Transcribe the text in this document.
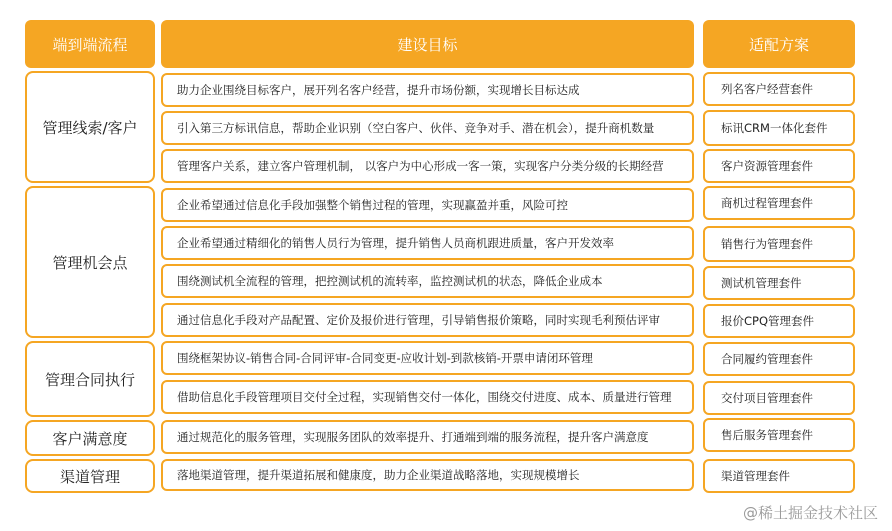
端到端流程	建设目标	适配方案
管理线索/客户
管理机会点
管理合同执行
客户满意度
渠道管理
助力企业围绕目标客户，展开列名客户经营，提升市场份额，实现增长目标达成
引入第三方标讯信息，帮助企业识别（空白客户、伙伴、竞争对手、潜在机会），提升商机数量
管理客户关系，建立客户管理机制， 以客户为中心形成一客一策，实现客户分类分级的长期经营
企业希望通过信息化手段加强整个销售过程的管理，实现赢盈并重，风险可控
企业希望通过精细化的销售人员行为管理，提升销售人员商机跟进质量，客户开发效率
围绕测试机全流程的管理，把控测试机的流转率，监控测试机的状态，降低企业成本
通过信息化手段对产品配置、定价及报价进行管理，引导销售报价策略，同时实现毛利预估评审
围绕框架协议-销售合同-合同评审-合同变更-应收计划-到款核销-开票申请闭环管理
借助信息化手段管理项目交付全过程，实现销售交付一体化，围绕交付进度、成本、质量进行管理
通过规范化的服务管理，实现服务团队的效率提升、打通端到端的服务流程，提升客户满意度
落地渠道管理，提升渠道拓展和健康度，助力企业渠道战略落地，实现规模增长
列名客户经营套件
标讯CRM一体化套件
客户资源管理套件
商机过程管理套件
销售行为管理套件
测试机管理套件
报价CPQ管理套件
合同履约管理套件
交付项目管理套件
售后服务管理套件
渠道管理套件
@稀土掘金技术社区
